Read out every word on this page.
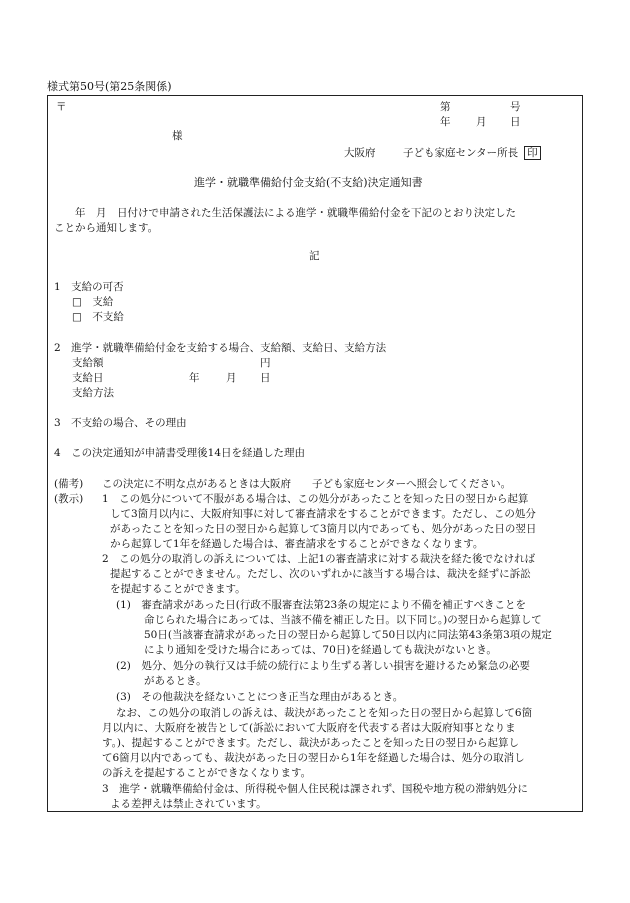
様式第50号(第25条関係)
〒	第	号
年 月 日
様
大阪府	子ども家庭センター所長 印
進学・就職準備給付金支給(不支給)決定通知書
　　年　月　日付けで申請された生活保護法による進学・就職準備給付金を下記のとおり決定した
ことから通知します。
記
1　支給の可否
□　支給
□　不支給
2　進学・就職準備給付金を支給する場合、支給額、支給日、支給方法
支給額	円
支給日	年	月 日
支給方法
3　不支給の場合、その理由
4　この決定通知が申請書受理後14日を経過した理由
(備考) この決定に不明な点があるときは大阪府　　子ども家庭センターへ照会してください。
(教示) 1　この処分について不服がある場合は、この処分があったことを知った日の翌日から起算
して3箇月以内に、大阪府知事に対して審査請求をすることができます。ただし、この処分
があったことを知った日の翌日から起算して3箇月以内であっても、処分があった日の翌日
から起算して1年を経過した場合は、審査請求をすることができなくなります。
2　この処分の取消しの訴えについては、上記1の審査請求に対する裁決を経た後でなければ
提起することができません。ただし、次のいずれかに該当する場合は、裁決を経ずに訴訟
を提起することができます。
(1)　審査請求があった日(行政不服審査法第23条の規定により不備を補正すべきことを
命じられた場合にあっては、当該不備を補正した日。以下同じ。)の翌日から起算して
50日(当該審査請求があった日の翌日から起算して50日以内に同法第43条第3項の規定
により通知を受けた場合にあっては、70日)を経過しても裁決がないとき。
(2)　処分、処分の執行又は手続の続行により生ずる著しい損害を避けるため緊急の必要
があるとき。
(3)　その他裁決を経ないことにつき正当な理由があるとき。
なお、この処分の取消しの訴えは、裁決があったことを知った日の翌日から起算して6箇
月以内に、大阪府を被告として(訴訟において大阪府を代表する者は大阪府知事となりま
す。)、提起することができます。ただし、裁決があったことを知った日の翌日から起算し
て6箇月以内であっても、裁決があった日の翌日から1年を経過した場合は、処分の取消し
の訴えを提起することができなくなります。
3　進学・就職準備給付金は、所得税や個人住民税は課されず、国税や地方税の滞納処分に
よる差押えは禁止されています。
